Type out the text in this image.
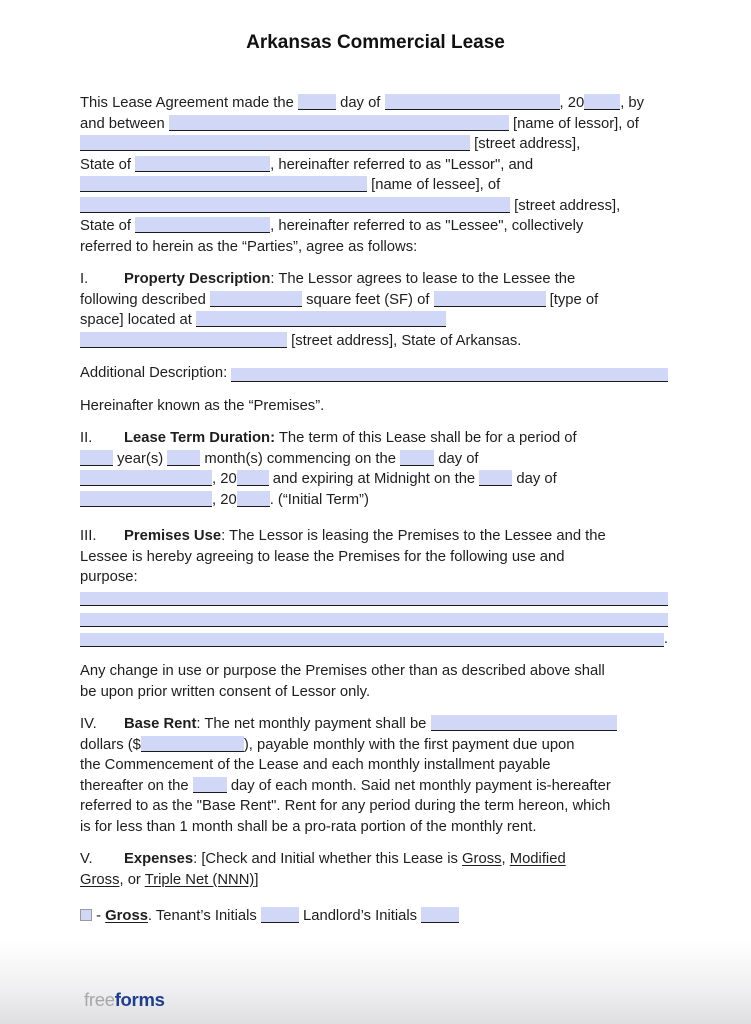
Arkansas Commercial Lease
This Lease Agreement made the	day of	, 20 , by
and between	[name of lessor], of
[street address],
State of	, hereinafter referred to as "Lessor", and
[name of lessee], of
[street address],
State of	, hereinafter referred to as "Lessee", collectively
referred to herein as the “Parties”, agree as follows:
I. Property Description: The Lessor agrees to lease to the Lessee the
following described	square feet (SF) of	[type of
space] located at
[street address], State of Arkansas.
Additional Description:
Hereinafter known as the “Premises”.
II. Lease Term Duration: The term of this Lease shall be for a period of
year(s)  month(s) commencing on the  day of
, 20 and expiring at Midnight on the  day of
, 20 . (“Initial Term”)
III. Premises Use: The Lessor is leasing the Premises to the Lessee and the
Lessee is hereby agreeing to lease the Premises for the following use and
purpose:
.
Any change in use or purpose the Premises other than as described above shall
be upon prior written consent of Lessor only.
IV. Base Rent: The net monthly payment shall be
dollars ($	), payable monthly with the first payment due upon
the Commencement of the Lease and each monthly installment payable
thereafter on the  day of each month. Said net monthly payment is-hereafter
referred to as the "Base Rent". Rent for any period during the term hereon, which
is for less than 1 month shall be a pro-rata portion of the monthly rent.
V. Expenses: [Check and Initial whether this Lease is Gross, Modified
Gross, or Triple Net (NNN)]
- Gross. Tenant’s Initials	Landlord’s Initials
freeforms
